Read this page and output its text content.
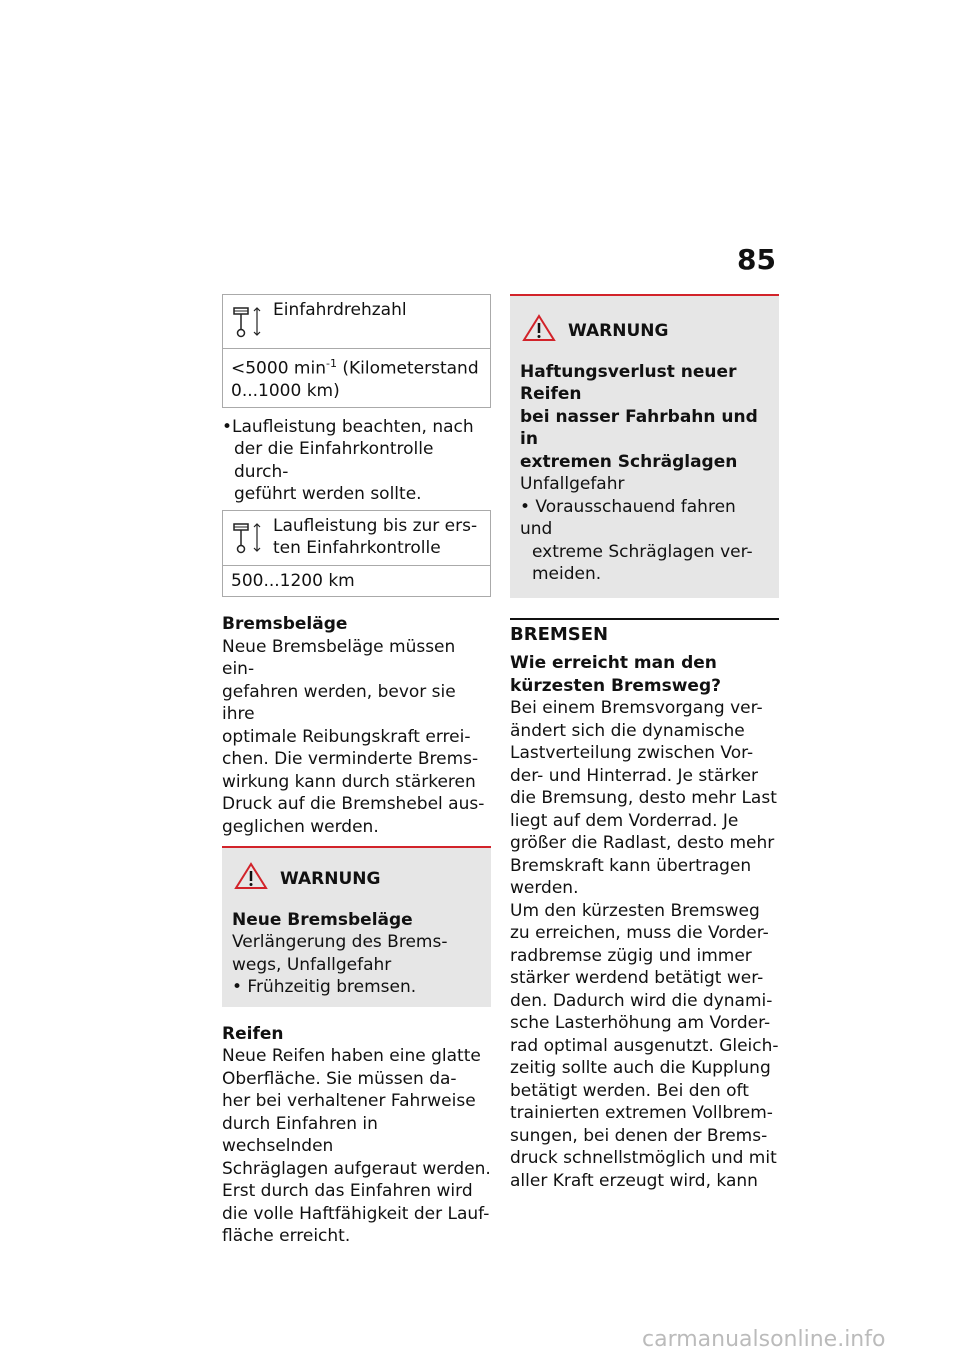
85
Einfahrdrehzahl
<5000 $\min^{-1}$ (Kilometerstand 0...1000 km)
•Laufleistung beachten, nach
der die Einfahrkontrolle durch-
geführt werden sollte.
Laufleistung bis zur ers-
ten Einfahrkontrolle
500...1200 km
Bremsbeläge
Neue Bremsbeläge müssen ein-
gefahren werden, bevor sie ihre
optimale Reibungskraft errei-
chen. Die verminderte Brems-
wirkung kann durch stärkeren
Druck auf die Bremshebel aus-
geglichen werden.
WARNUNG
Neue Bremsbeläge
Verlängerung des Brems-
wegs, Unfallgefahr
• Frühzeitig bremsen.
Reifen
Neue Reifen haben eine glatte
Oberfläche. Sie müssen da-
her bei verhaltener Fahrweise
durch Einfahren in wechselnden
Schräglagen aufgeraut werden.
Erst durch das Einfahren wird
die volle Haftfähigkeit der Lauf-
fläche erreicht.
WARNUNG
Haftungsverlust neuer Reifen
bei nasser Fahrbahn und in
extremen Schräglagen
Unfallgefahr
• Vorausschauend fahren und
extreme Schräglagen ver-
meiden.
BREMSEN
Wie erreicht man den
kürzesten Bremsweg?
Bei einem Bremsvorgang ver-
ändert sich die dynamische
Lastverteilung zwischen Vor-
der- und Hinterrad. Je stärker
die Bremsung, desto mehr Last
liegt auf dem Vorderrad. Je
größer die Radlast, desto mehr
Bremskraft kann übertragen
werden.
Um den kürzesten Bremsweg
zu erreichen, muss die Vorder-
radbremse zügig und immer
stärker werdend betätigt wer-
den. Dadurch wird die dynami-
sche Lasterhöhung am Vorder-
rad optimal ausgenutzt. Gleich-
zeitig sollte auch die Kupplung
betätigt werden. Bei den oft
trainierten extremen Vollbrem-
sungen, bei denen der Brems-
druck schnellstmöglich und mit
aller Kraft erzeugt wird, kann
carmanualsonline.info
